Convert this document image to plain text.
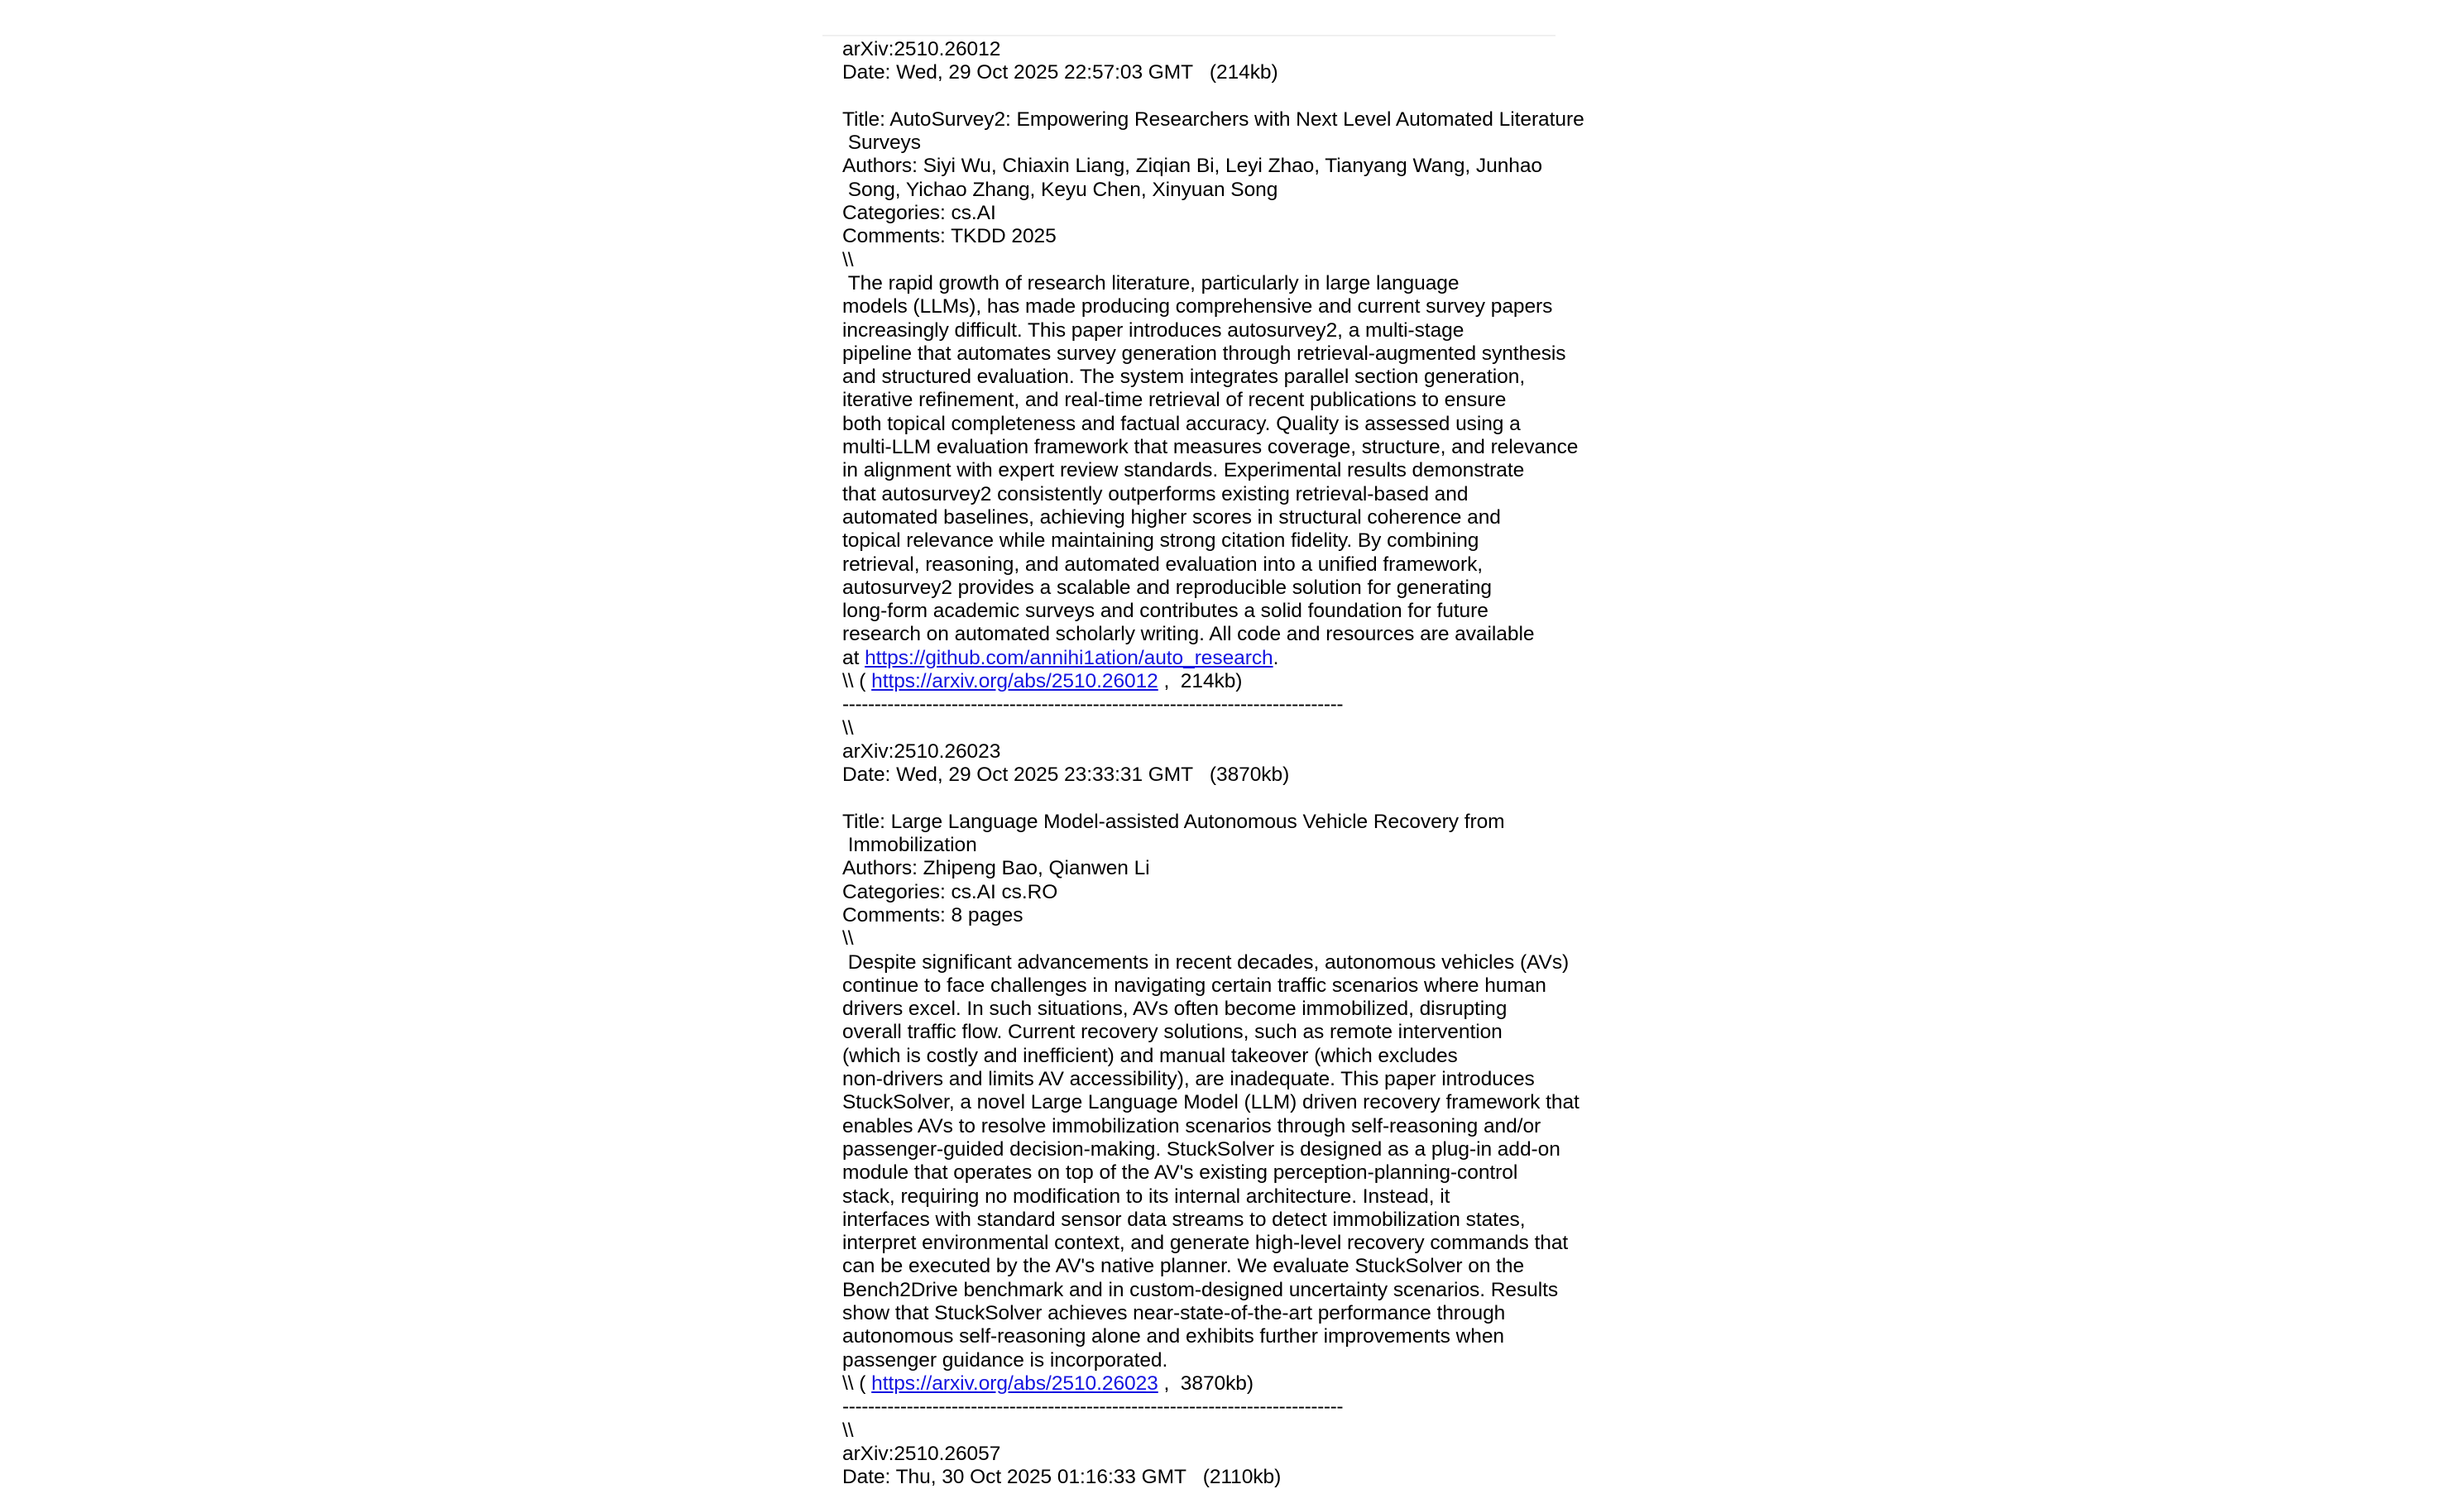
arXiv:2510.26012
Date: Wed, 29 Oct 2025 22:57:03 GMT   (214kb)

Title: AutoSurvey2: Empowering Researchers with Next Level Automated Literature
Surveys
Authors: Siyi Wu, Chiaxin Liang, Ziqian Bi, Leyi Zhao, Tianyang Wang, Junhao
Song, Yichao Zhang, Keyu Chen, Xinyuan Song
Categories: cs.AI
Comments: TKDD 2025
\\
The rapid growth of research literature, particularly in large language
models (LLMs), has made producing comprehensive and current survey papers
increasingly difficult. This paper introduces autosurvey2, a multi-stage
pipeline that automates survey generation through retrieval-augmented synthesis
and structured evaluation. The system integrates parallel section generation,
iterative refinement, and real-time retrieval of recent publications to ensure
both topical completeness and factual accuracy. Quality is assessed using a
multi-LLM evaluation framework that measures coverage, structure, and relevance
in alignment with expert review standards. Experimental results demonstrate
that autosurvey2 consistently outperforms existing retrieval-based and
automated baselines, achieving higher scores in structural coherence and
topical relevance while maintaining strong citation fidelity. By combining
retrieval, reasoning, and automated evaluation into a unified framework,
autosurvey2 provides a scalable and reproducible solution for generating
long-form academic surveys and contributes a solid foundation for future
research on automated scholarly writing. All code and resources are available
at https://github.com/annihi1ation/auto_research.
\\ ( https://arxiv.org/abs/2510.26012 ,  214kb)
------------------------------------------------------------------------------
\\
arXiv:2510.26023
Date: Wed, 29 Oct 2025 23:33:31 GMT   (3870kb)

Title: Large Language Model-assisted Autonomous Vehicle Recovery from
Immobilization
Authors: Zhipeng Bao, Qianwen Li
Categories: cs.AI cs.RO
Comments: 8 pages
\\
Despite significant advancements in recent decades, autonomous vehicles (AVs)
continue to face challenges in navigating certain traffic scenarios where human
drivers excel. In such situations, AVs often become immobilized, disrupting
overall traffic flow. Current recovery solutions, such as remote intervention
(which is costly and inefficient) and manual takeover (which excludes
non-drivers and limits AV accessibility), are inadequate. This paper introduces
StuckSolver, a novel Large Language Model (LLM) driven recovery framework that
enables AVs to resolve immobilization scenarios through self-reasoning and/or
passenger-guided decision-making. StuckSolver is designed as a plug-in add-on
module that operates on top of the AV's existing perception-planning-control
stack, requiring no modification to its internal architecture. Instead, it
interfaces with standard sensor data streams to detect immobilization states,
interpret environmental context, and generate high-level recovery commands that
can be executed by the AV's native planner. We evaluate StuckSolver on the
Bench2Drive benchmark and in custom-designed uncertainty scenarios. Results
show that StuckSolver achieves near-state-of-the-art performance through
autonomous self-reasoning alone and exhibits further improvements when
passenger guidance is incorporated.
\\ ( https://arxiv.org/abs/2510.26023 ,  3870kb)
------------------------------------------------------------------------------
\\
arXiv:2510.26057
Date: Thu, 30 Oct 2025 01:16:33 GMT   (2110kb)
